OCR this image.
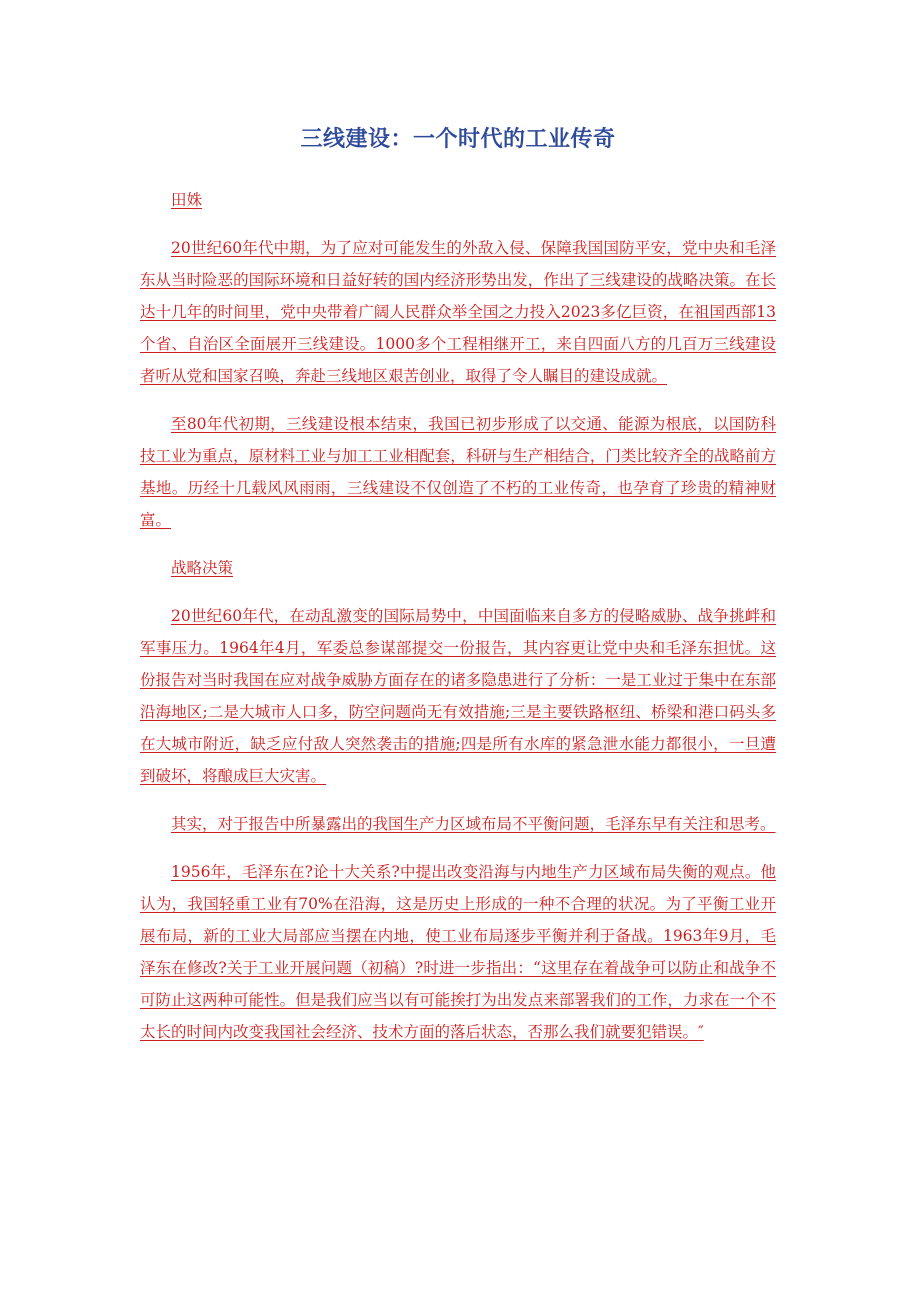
三线建设：一个时代的工业传奇

田姝

20世纪60年代中期，为了应对可能发生的外敌入侵、保障我国国防平安，党中央和毛泽东从当时险恶的国际环境和日益好转的国内经济形势出发，作出了三线建设的战略决策。在长达十几年的时间里，党中央带着广阔人民群众举全国之力投入2023多亿巨资，在祖国西部13个省、自治区全面展开三线建设。1000多个工程相继开工，来自四面八方的几百万三线建设者听从党和国家召唤，奔赴三线地区艰苦创业，取得了令人瞩目的建设成就。

至80年代初期，三线建设根本结束，我国已初步形成了以交通、能源为根底，以国防科技工业为重点，原材料工业与加工工业相配套，科研与生产相结合，门类比较齐全的战略前方基地。历经十几载风风雨雨，三线建设不仅创造了不朽的工业传奇，也孕育了珍贵的精神财富。

战略决策

20世纪60年代，在动乱激变的国际局势中，中国面临来自多方的侵略威胁、战争挑衅和军事压力。1964年4月，军委总参谋部提交一份报告，其内容更让党中央和毛泽东担忧。这份报告对当时我国在应对战争威胁方面存在的诸多隐患进行了分析：一是工业过于集中在东部沿海地区;二是大城市人口多，防空问题尚无有效措施;三是主要铁路枢纽、桥梁和港口码头多在大城市附近，缺乏应付敌人突然袭击的措施;四是所有水库的紧急泄水能力都很小，一旦遭到破坏，将酿成巨大灾害。

其实，对于报告中所暴露出的我国生产力区域布局不平衡问题，毛泽东早有关注和思考。

1956年，毛泽东在?论十大关系?中提出改变沿海与内地生产力区域布局失衡的观点。他认为，我国轻重工业有70%在沿海，这是历史上形成的一种不合理的状况。为了平衡工业开展布局，新的工业大局部应当摆在内地，使工业布局逐步平衡并利于备战。1963年9月，毛泽东在修改?关于工业开展问题（初稿）?时进一步指出：“这里存在着战争可以防止和战争不可防止这两种可能性。但是我们应当以有可能挨打为出发点来部署我们的工作，力求在一个不太长的时间内改变我国社会经济、技术方面的落后状态，否那么我们就要犯错误。″
